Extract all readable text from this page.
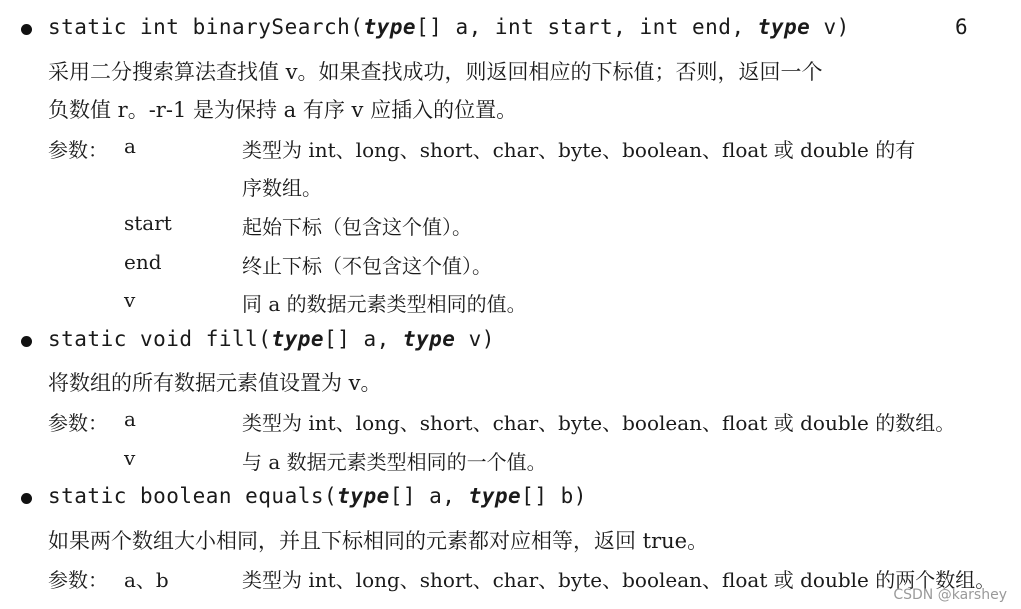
static int binarySearch(type[] a, int start, int end, type v)	6
采用二分搜索算法查找值 v。如果查找成功，则返回相应的下标值；否则，返回一个
负数值 r。-r-1 是为保持 a 有序 v 应插入的位置。
参数： a	类型为 int、long、short、char、byte、boolean、float 或 double 的有
序数组。
start	起始下标（包含这个值）。
end	终止下标（不包含这个值）。
v	同 a 的数据元素类型相同的值。
static void fill(type[] a, type v)
将数组的所有数据元素值设置为 v。
参数： a	类型为 int、long、short、char、byte、boolean、float 或 double 的数组。
v	与 a 数据元素类型相同的一个值。
static boolean equals(type[] a, type[] b)
如果两个数组大小相同，并且下标相同的元素都对应相等，返回 true。
参数： a、b	类型为 int、long、short、char、byte、boolean、float 或 double 的两个数组。
CSDN @karshey
